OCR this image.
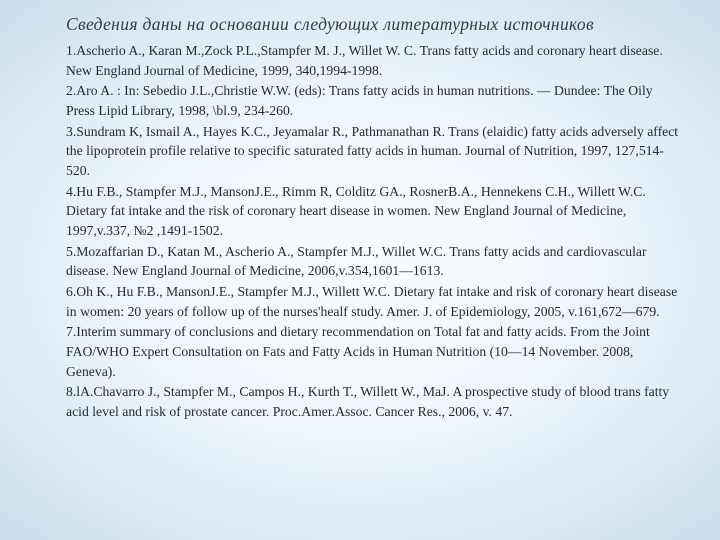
Сведения даны на основании следующих литературных источников
1.Ascherio A., Karan M.,Zock P.L.,Stampfer M. J., Willet W. C. Trans fatty acids and coronary heart disease. New England Journal of Medicine, 1999, 340,1994-1998.
2.Aro A. : In: Sebedio J.L.,Christie W.W. (eds): Trans fatty acids in human nutritions. — Dundee: The Oily Press Lipid Library, 1998, \bl.9, 234-260.
3.Sundram K, Ismail A., Hayes K.C., Jeyamalar R., Pathmanathan R. Trans (elaidic) fatty acids adversely affect the lipoprotein profile relative to specific saturated fatty acids in human. Journal of Nutrition, 1997, 127,514-520.
4.Hu F.B., Stampfer M.J., MansonJ.E., Rimm R, Colditz GA., RosnerB.A., Hennekens C.H., Willett W.C. Dietary fat intake and the risk of coronary heart disease in women. New England Journal of Medicine, 1997,v.337, №2 ,1491-1502.
5.Mozaffarian D., Katan M., Ascherio A., Stampfer M.J., Willet W.C. Trans fatty acids and cardiovascular disease. New England Journal of Medicine, 2006,v.354,1601—1613.
6.Oh K., Hu F.B., MansonJ.E., Stampfer M.J., Willett W.C. Dietary fat intake and risk of coronary heart disease in women: 20 years of follow up of the nurses'healf study. Amer. J. of Epidemiology, 2005, v.161,672—679.
7.Interim summary of conclusions and dietary recommendation on Total fat and fatty acids. From the Joint FAO/WHO Expert Consultation on Fats and Fatty Acids in Human Nutrition (10—14 November. 2008, Geneva).
8.lA.Chavarro J., Stampfer M., Campos H., Kurth T., Willett W., MaJ. A prospective study of blood trans fatty acid level and risk of prostate cancer. Proc.Amer.Assoc. Cancer Res., 2006, v. 47.
